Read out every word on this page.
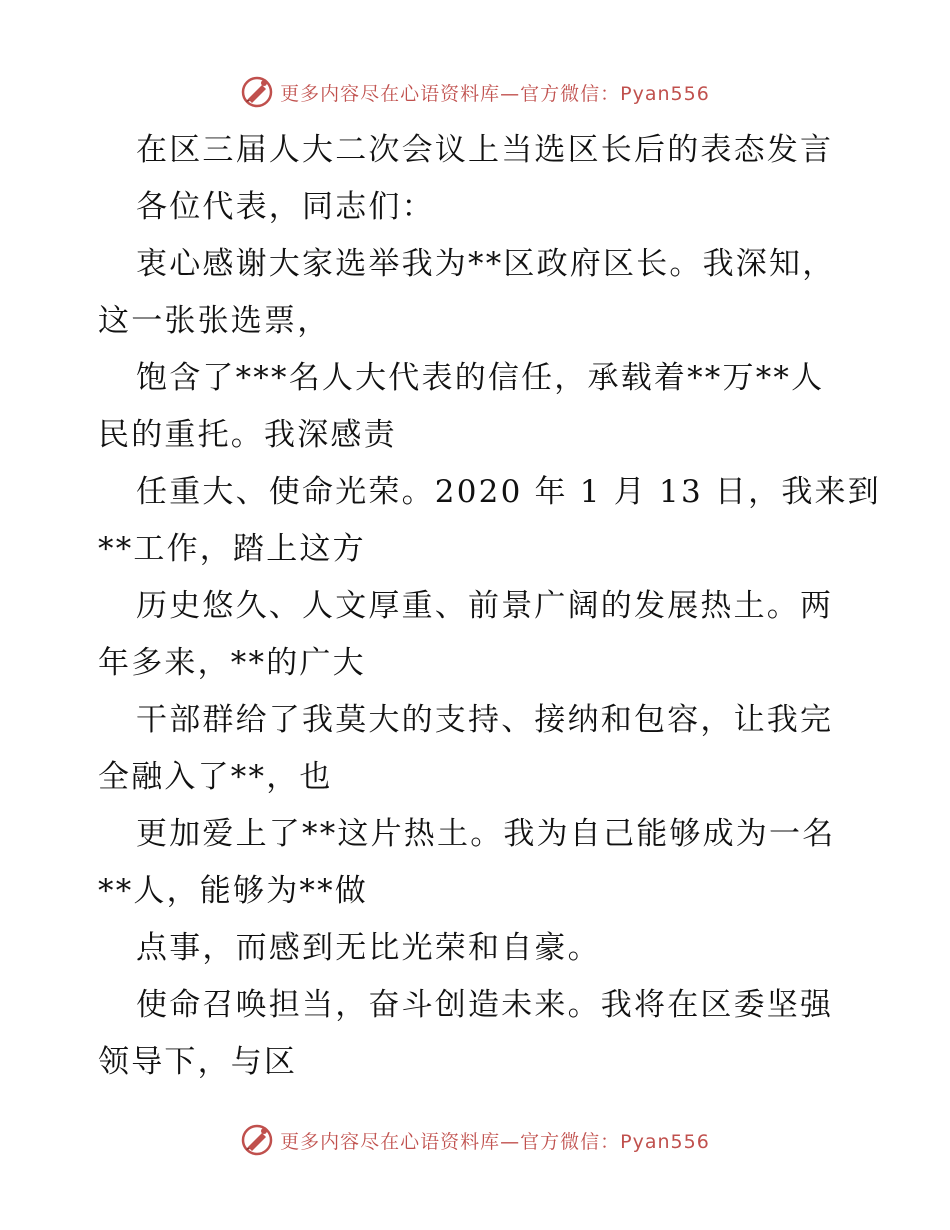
更多内容尽在心语资料库—官方微信：Pyan556
在区三届人大二次会议上当选区长后的表态发言
各位代表，同志们：
衷心感谢大家选举我为**区政府区长。我深知，
这一张张选票，
饱含了***名人大代表的信任，承载着**万**人
民的重托。我深感责
任重大、使命光荣。2020 年 1 月 13 日，我来到
**工作，踏上这方
历史悠久、人文厚重、前景广阔的发展热土。两
年多来，**的广大
干部群给了我莫大的支持、接纳和包容，让我完
全融入了**，也
更加爱上了**这片热土。我为自己能够成为一名
**人，能够为**做
点事，而感到无比光荣和自豪。
使命召唤担当，奋斗创造未来。我将在区委坚强
领导下，与区
更多内容尽在心语资料库—官方微信：Pyan556
